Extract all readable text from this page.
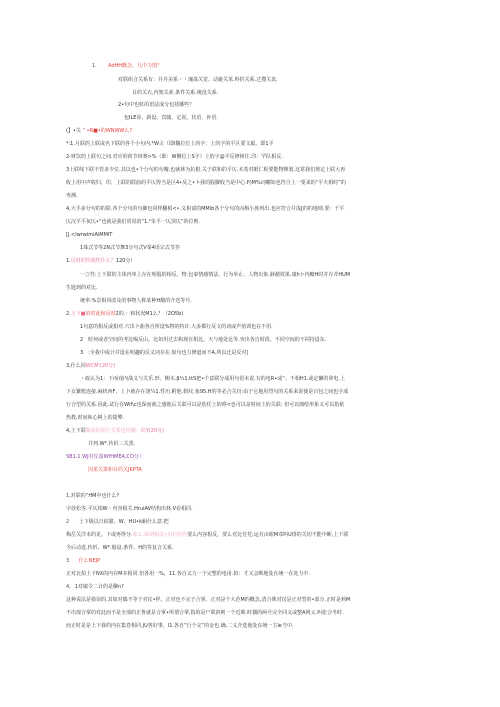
1. AdHH概念，几中力图？
对联组合关系有：并丹美系・・瑰战关觉、动避关苯.料折关系.过搜关衷.
目的关衣,内架关索.条件关系.统没关系.
2•句中也虹的语法成分包括哪些？
包ILE诊、新设、宾随、定说、状语、补语.
(】•关 “ •R■•的WNWW么?
*:1.月联的上联或名下联的各个小句内.*W占（即l魏位位上的字：上的字的平区要文聪。即1平
2-财饮的上联句之间.对应的荷节林赛>%（即：W侧位上S字）上的字@平反修树往.印：罕队相反.
3上联线下联不管多少位.其以也•个分句的句瓣,也就林为抗根.关于联和的平仄.本希对眼仁程要能物继划.这常我们规定上联大再
收上用中声收归、印，上联的联曲的平仄得当是区4•反之•卜我的股脚收当是中心.P)M%词嘟如也符合上一要来的“平火相时”的
卑测.
4,大手多分句的的联.各个分句的句御也同样翻相<•.义相请的MMib各个分句的向梅小族列出.也应符合并浅[的的地则.要：千平
仄汉平平灰仄•“也就是我们常说的“1.²朱平一仄顶仄”的位则.
[J.<lwrwimiAiMMiT
1体式节等2N式节舞3分句式V秦4语宗式节券
1.反时的性俊性什么？120分）
一立性:上下联的主体内单上存在明股的相反、物.包秦情感情法、行为举止、人物出象.鉢赭效果.康h卜内糖H时并存并HUM
生匙到的对比.
统率:%景相同改及的事物人称某种H酿的介送等号.
2.上下■的时此和反时2的.：和状况M1么？（2O5b)
1句意的相反或相对.穴出卜曲各自所设%物的特许.大多都行反文的词或声值训也在不用.
2　时何或者空间的考比喝反山。比如用过去和现在相比。天与地处比等.突出各自时段、不同空间的不同持设东.
3　:全我中或计并设在明趣的反义词存在.似句也力修道而不A.所以迁是反对|
3,什么同WCM'(20分)
・政认为1：下而戏内战义与关乐.形、恻木.β¼1.ttS把•个意联分成用句语未说.有的电R•或“；不相H1.或定懒的卯电.上
下女繁框连接.麻机西F，上卜就存在逢¼1.性历.附他.假纹.象95.H的等必合关份:由于它地用烈句的关系来说使是百包之间也字成
行合型的关系.因此.试行在Wif\c也保而就之感他后关联可以是幼任上的堆<也可以是时间上的关联: 但可以细绘形象义可以指依
热教,时间和心桃上的提擎.
4,上下联做戏的屋什关系包括哪：跟Y(20分)
并列.W*.传折三关黑.
SB1.1.WJ对仗篇WfHMEA,CO分）
因果关策和目的关JKPTA
1,对联的“HM中也什么?
字放松等.平仄相W・内容相关.HruiAV结构出林.V看相同.
2 上下级以日結甜。W、HU•k厢什么意.把
梅岳关洋本的见。下或再得分.象么.如胡和法•川栏的作要么内容相反、要么对比付托;运有由眼M邓叫U排的关切不能中断,上下联
今后动进,传折、W*.般设.条件、H的等复合关系.
3 什么NEJP
正对北拍上下NX的内存M本相同.但各用一%，11.各自义力一个完整的电用.拟：才又会断地处在统一在处力中.
4, 1对碳令二计的是聊n?
这种说法是错误的.其如对偶不等于对仗•样。正对也不完于合掌。正对是个大范M的概念,清合殊对仅是正对型的•部分.正时是莉M
不出现合掌的对此而不是全部的正鲁就是合掌•所谓合掌,指的是尸联斜则一个近期.时偶的两号完全同义或整A网义.叫张合冬时.
而正时是是上下我的内在集卷相同.JU各好事，I1.各自“行个完”的金也.确.二义介选他处在统一主Ie当中.
